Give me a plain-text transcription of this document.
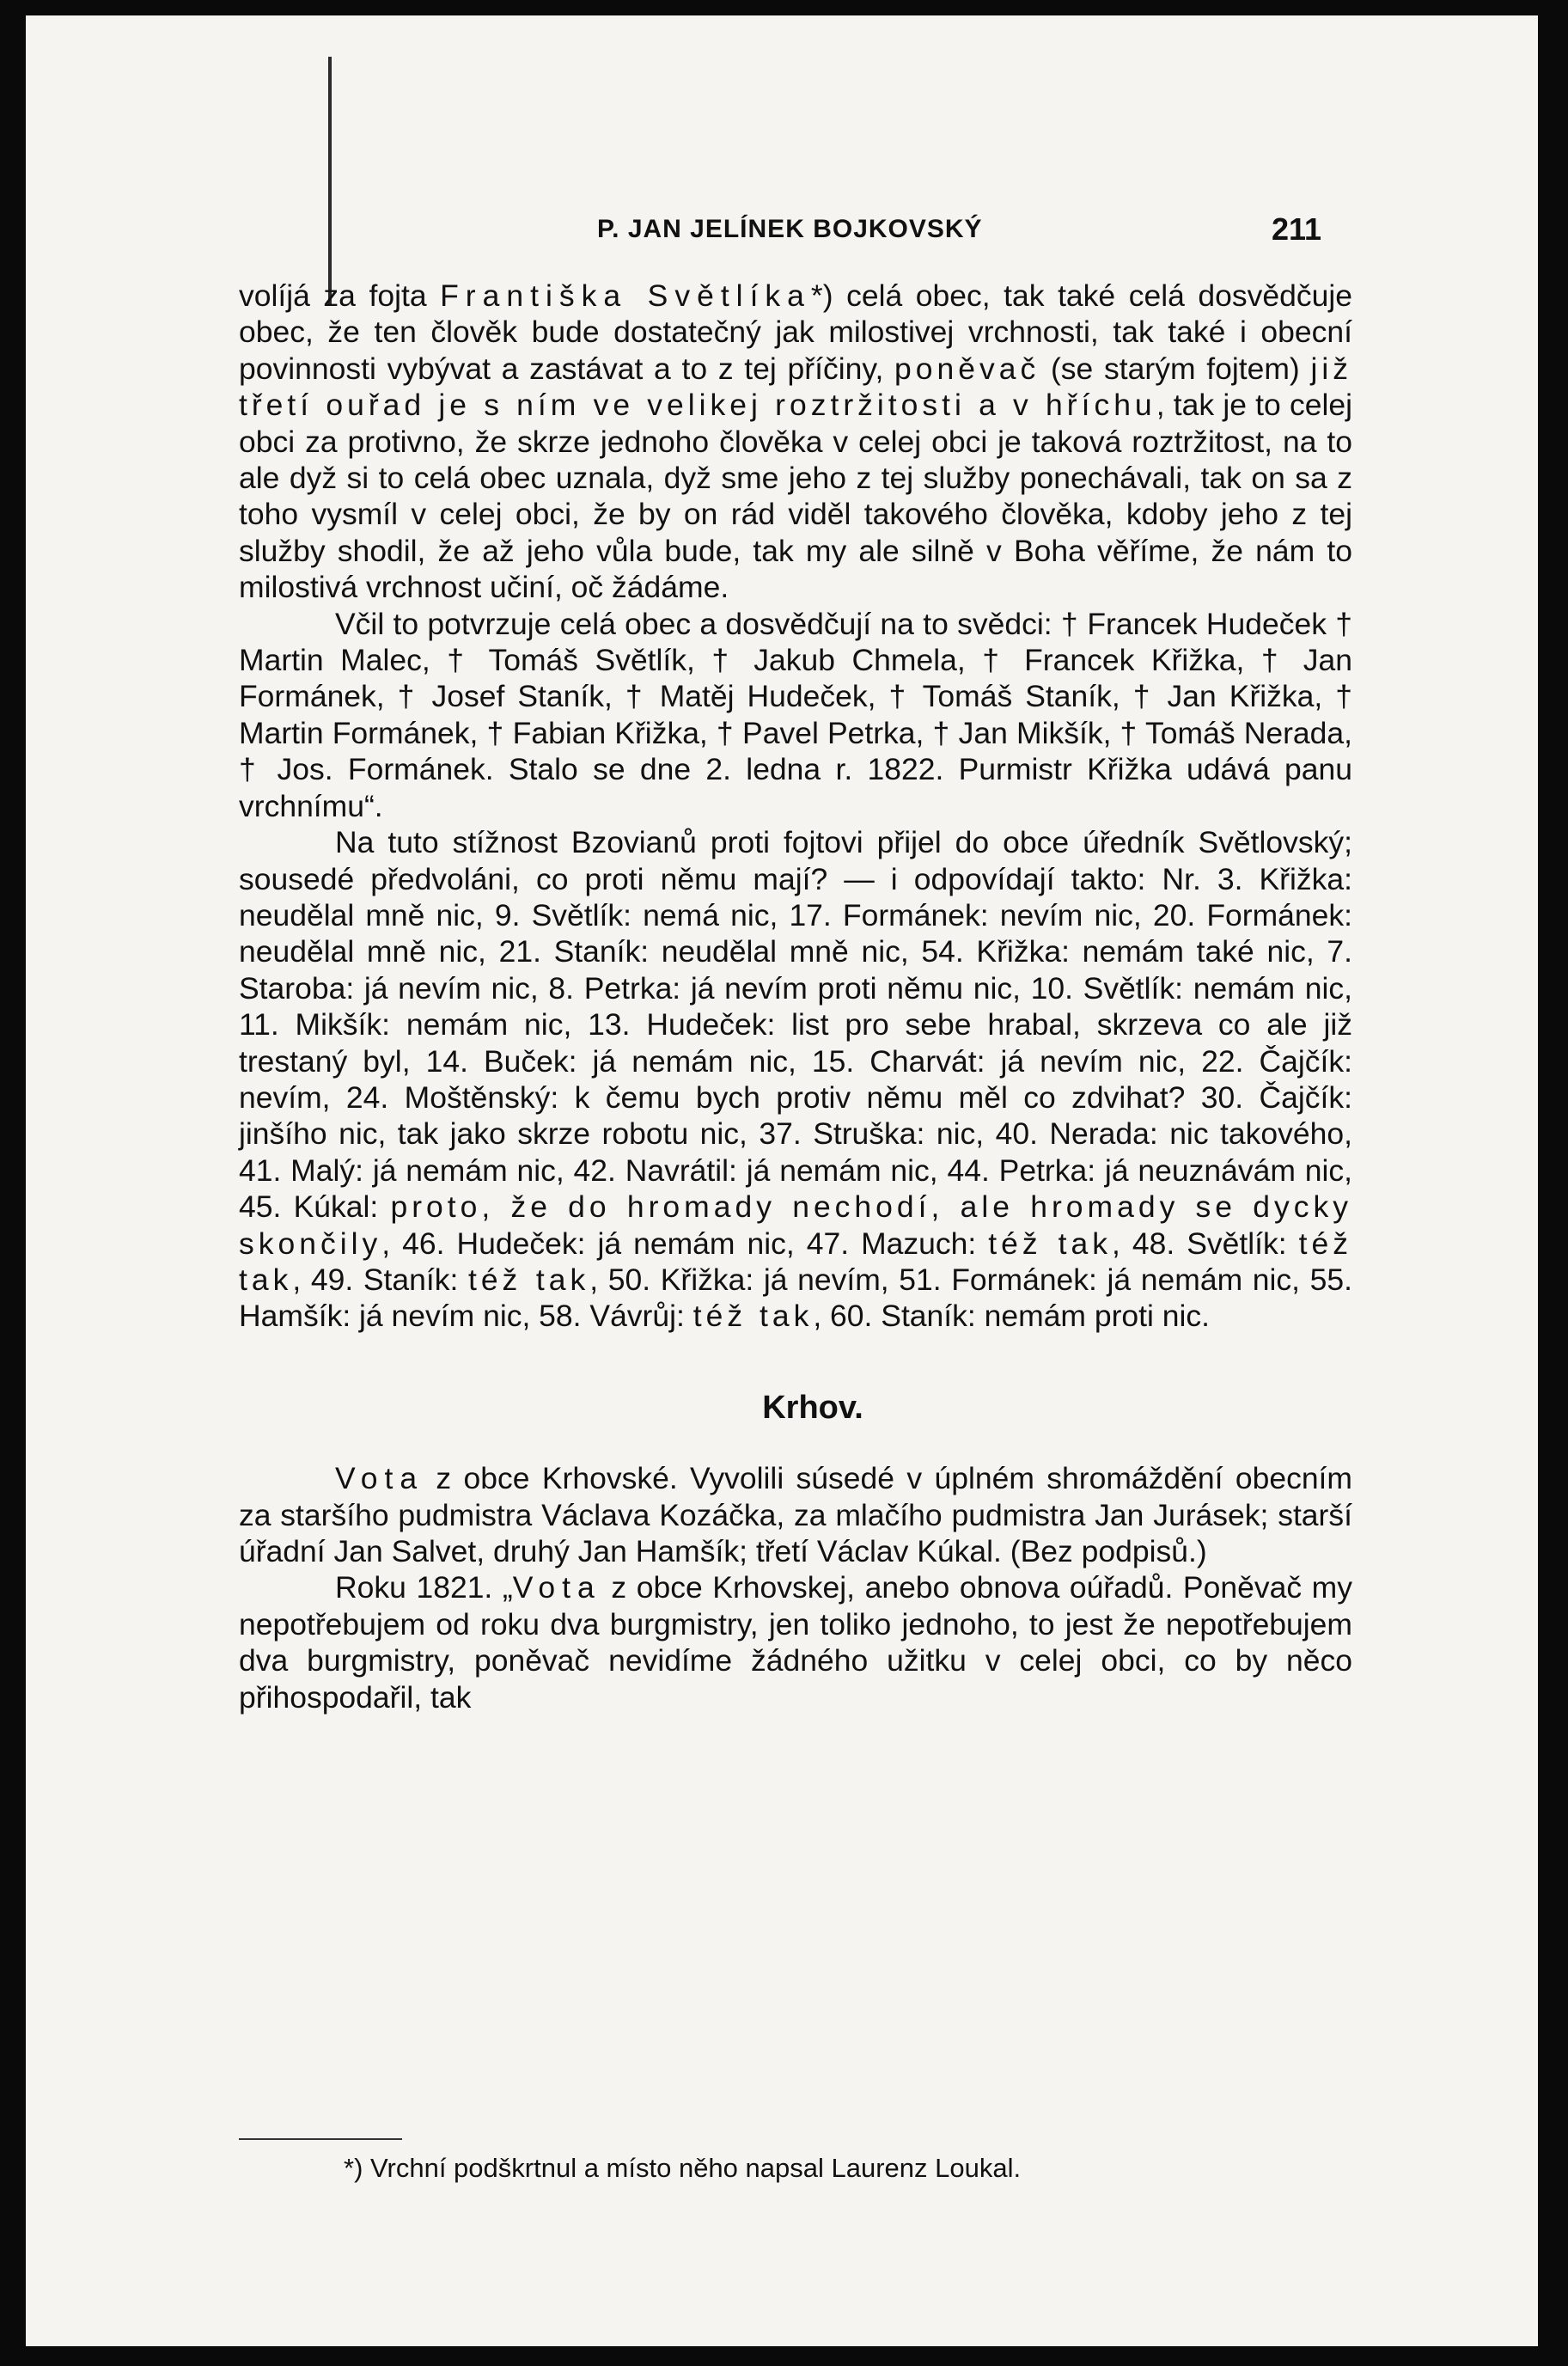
P. JAN JELÍNEK BOJKOVSKÝ	211

volíjá za fojta Františka Světlíka*) celá obec, tak také celá dosvědčuje obec, že ten člověk bude dostatečný jak milostivej vrchnosti, tak také i obecní povinnosti vybývat a zastávat a to z tej příčiny, poněvač (se starým fojtem) již třetí ouřad je s ním ve velikej roztržitosti a v hříchu, tak je to celej obci za protivno, že skrze jednoho člověka v celej obci je taková roztržitost, na to ale dyž si to celá obec uznala, dyž sme jeho z tej služby ponechávali, tak on sa z toho vysmíl v celej obci, že by on rád viděl takového člověka, kdoby jeho z tej služby shodil, že až jeho vůla bude, tak my ale silně v Boha věříme, že nám to milostivá vrchnost učiní, oč žádáme.

Včil to potvrzuje celá obec a dosvědčují na to svědci: † Francek Hudeček † Martin Malec, † Tomáš Světlík, † Jakub Chmela, † Francek Křižka, † Jan Formánek, † Josef Staník, † Matěj Hudeček, † Tomáš Staník, † Jan Křižka, † Martin Formánek, † Fabian Křižka, † Pavel Petrka, † Jan Mikšík, † Tomáš Nerada, † Jos. Formánek. Stalo se dne 2. ledna r. 1822. Purmistr Křižka udává panu vrchnímu“.

Na tuto stížnost Bzovianů proti fojtovi přijel do obce úředník Světlovský; sousedé předvoláni, co proti němu mají? — i odpovídají takto: Nr. 3. Křižka: neudělal mně nic, 9. Světlík: nemá nic, 17. Formánek: nevím nic, 20. Formánek: neudělal mně nic, 21. Staník: neudělal mně nic, 54. Křižka: nemám také nic, 7. Staroba: já nevím nic, 8. Petrka: já nevím proti němu nic, 10. Světlík: nemám nic, 11. Mikšík: nemám nic, 13. Hudeček: list pro sebe hrabal, skrzeva co ale již trestaný byl, 14. Buček: já nemám nic, 15. Charvát: já nevím nic, 22. Čajčík: nevím, 24. Moštěnský: k čemu bych protiv němu měl co zdvihat? 30. Čajčík: jinšího nic, tak jako skrze robotu nic, 37. Struška: nic, 40. Nerada: nic takového, 41. Malý: já nemám nic, 42. Navrátil: já nemám nic, 44. Petrka: já neuznávám nic, 45. Kúkal: proto, že do hromady nechodí, ale hromady se dycky skončily, 46. Hudeček: já nemám nic, 47. Mazuch: též tak, 48. Světlík: též tak, 49. Staník: též tak, 50. Křižka: já nevím, 51. Formánek: já nemám nic, 55. Hamšík: já nevím nic, 58. Vávrůj: též tak, 60. Staník: nemám proti nic.

Krhov.

Vota z obce Krhovské. Vyvolili súsedé v úplném shromáždění obecním za staršího pudmistra Václava Kozáčka, za mlačího pudmistra Jan Jurásek; starší úřadní Jan Salvet, druhý Jan Hamšík; třetí Václav Kúkal. (Bez podpisů.)

Roku 1821. „Vota z obce Krhovskej, anebo obnova oúřadů. Poněvač my nepotřebujem od roku dva burgmistry, jen toliko jednoho, to jest že nepotřebujem dva burgmistry, poněvač nevidíme žádného užitku v celej obci, co by něco přihospodařil, tak

*) Vrchní podškrtnul a místo něho napsal Laurenz Loukal.
